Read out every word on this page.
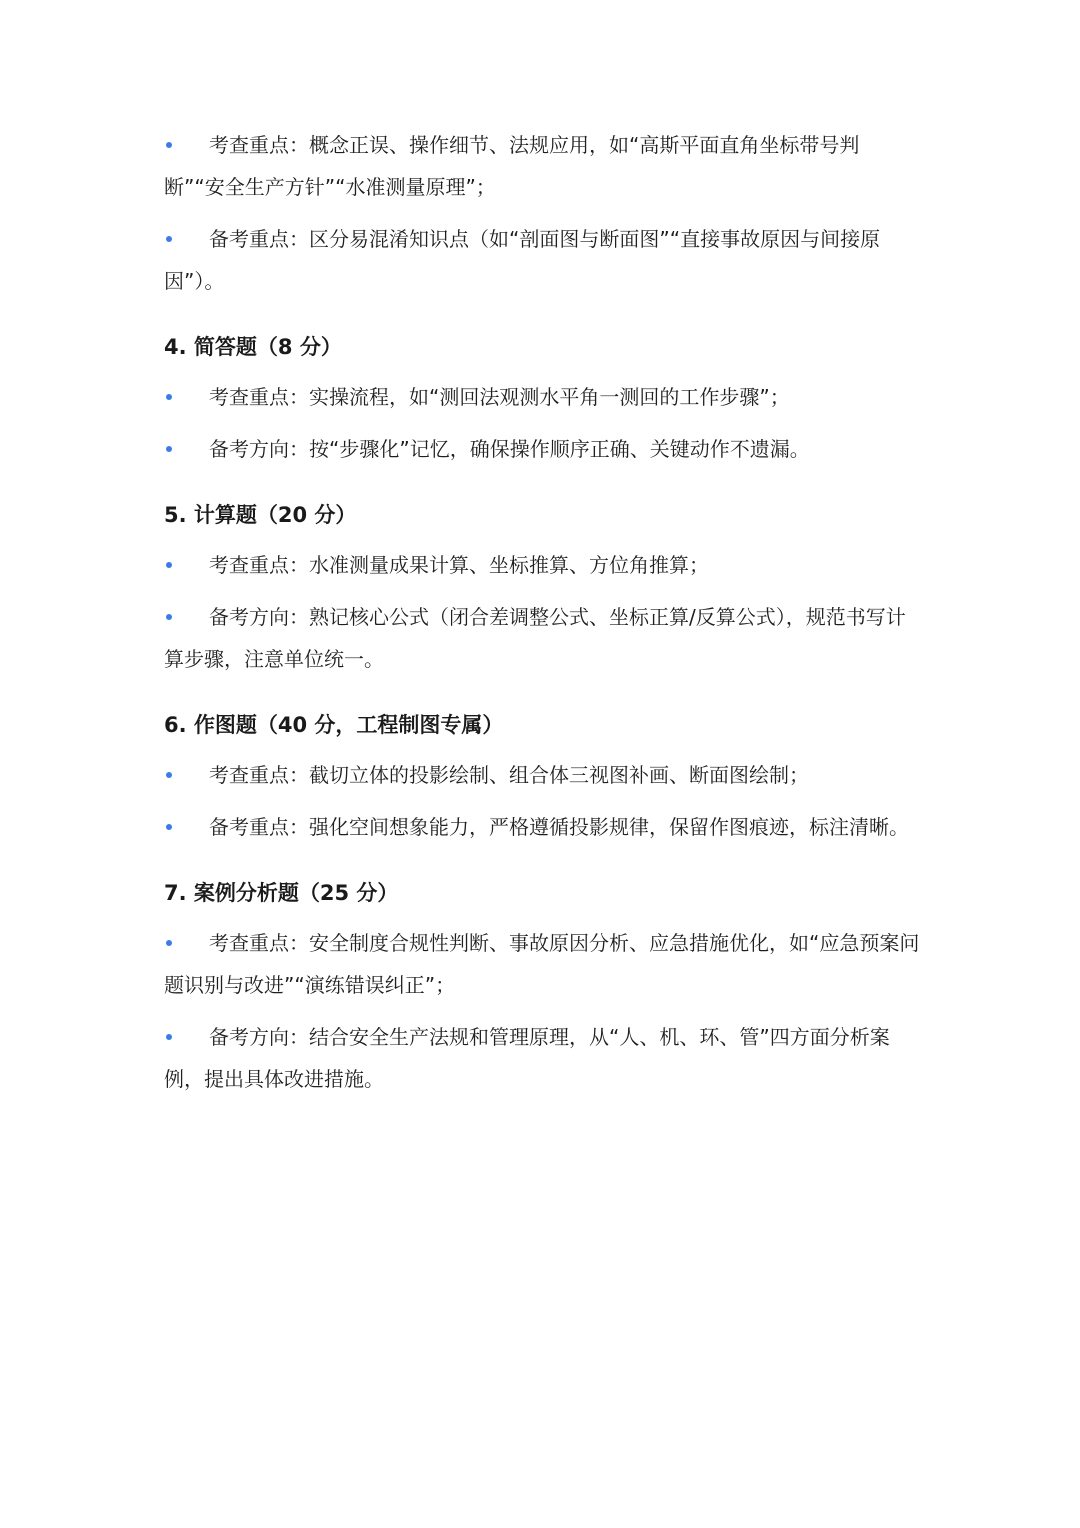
考查重点：概念正误、操作细节、法规应用，如“高斯平面直角坐标带号判断”“安全生产方针”“水准测量原理”；
备考重点：区分易混淆知识点（如“剖面图与断面图”“直接事故原因与间接原因”）。
4. 简答题（8 分）
考查重点：实操流程，如“测回法观测水平角一测回的工作步骤”；
备考方向：按“步骤化”记忆，确保操作顺序正确、关键动作不遗漏。
5. 计算题（20 分）
考查重点：水准测量成果计算、坐标推算、方位角推算；
备考方向：熟记核心公式（闭合差调整公式、坐标正算/反算公式），规范书写计算步骤，注意单位统一。
6. 作图题（40 分，工程制图专属）
考查重点：截切立体的投影绘制、组合体三视图补画、断面图绘制；
备考重点：强化空间想象能力，严格遵循投影规律，保留作图痕迹，标注清晰。
7. 案例分析题（25 分）
考查重点：安全制度合规性判断、事故原因分析、应急措施优化，如“应急预案问题识别与改进”“演练错误纠正”；
备考方向：结合安全生产法规和管理原理，从“人、机、环、管”四方面分析案例，提出具体改进措施。
